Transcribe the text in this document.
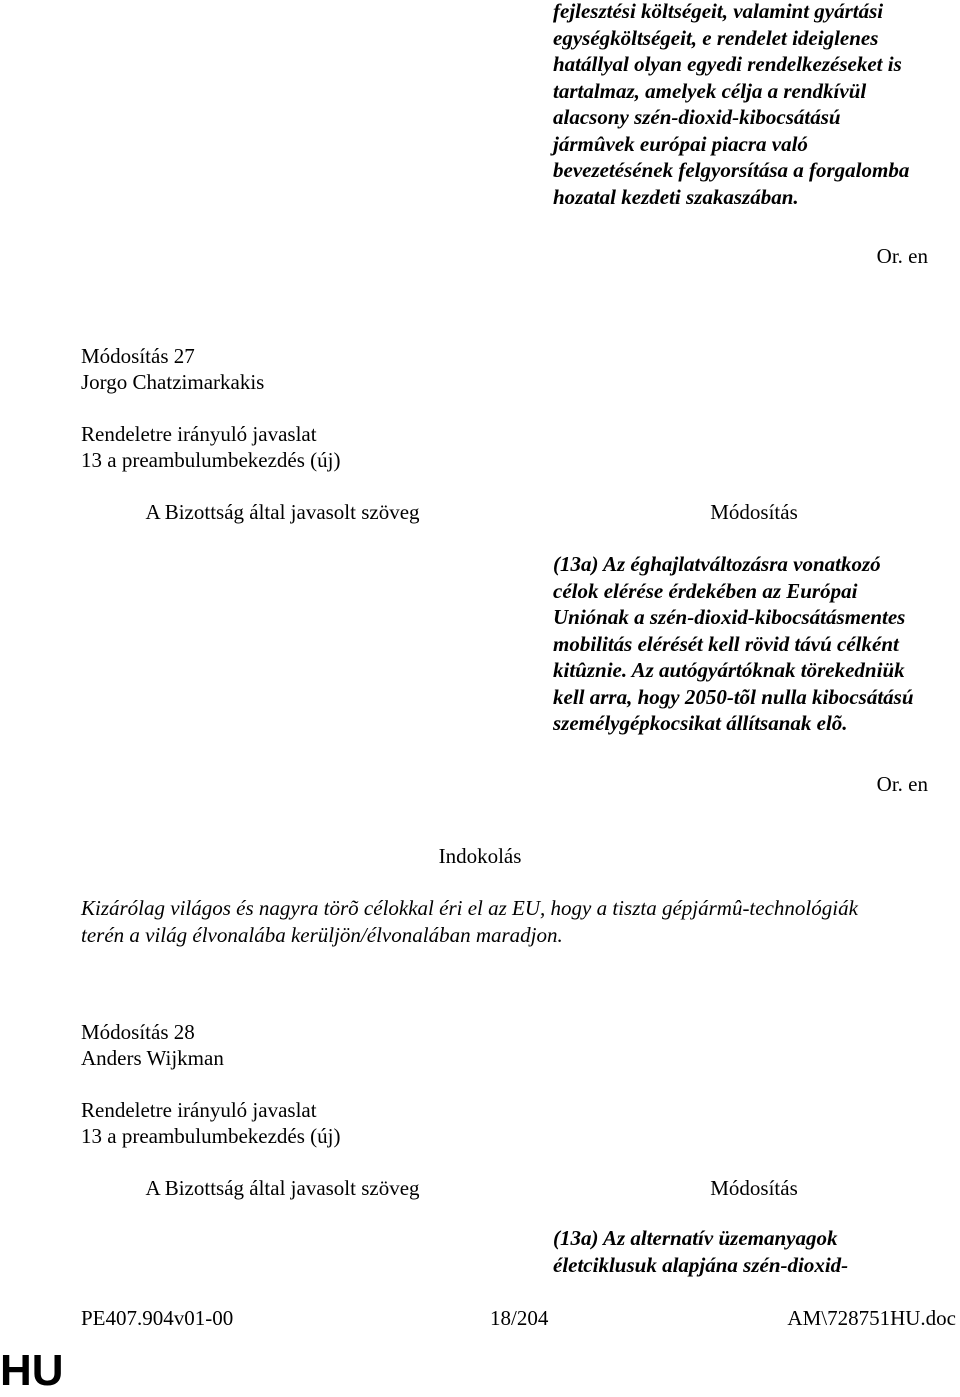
fejlesztési költségeit, valamint gyártási
egységköltségeit, e rendelet ideiglenes
hatállyal olyan egyedi rendelkezéseket is
tartalmaz, amelyek célja a rendkívül
alacsony szén-dioxid-kibocsátású
jármûvek európai piacra való
bevezetésének felgyorsítása a forgalomba
hozatal kezdeti szakaszában.
Or. en
Módosítás 27
Jorgo Chatzimarkakis
Rendeletre irányuló javaslat
13 a preambulumbekezdés (új)
A Bizottság által javasolt szöveg	Módosítás
(13a) Az éghajlatváltozásra vonatkozó
célok elérése érdekében az Európai
Uniónak a szén-dioxid-kibocsátásmentes
mobilitás elérését kell rövid távú célként
kitûznie. Az autógyártóknak törekedniük
kell arra, hogy 2050-tõl nulla kibocsátású
személygépkocsikat állítsanak elõ.
Or. en
Indokolás
Kizárólag világos és nagyra törõ célokkal éri el az EU, hogy a tiszta gépjármû-technológiák
terén a világ élvonalába kerüljön/élvonalában maradjon.
Módosítás 28
Anders Wijkman
Rendeletre irányuló javaslat
13 a preambulumbekezdés (új)
A Bizottság által javasolt szöveg	Módosítás
(13a) Az alternatív üzemanyagok
életciklusuk alapjána szén-dioxid-
PE407.904v01-00	18/204	AM\728751HU.doc
HU
